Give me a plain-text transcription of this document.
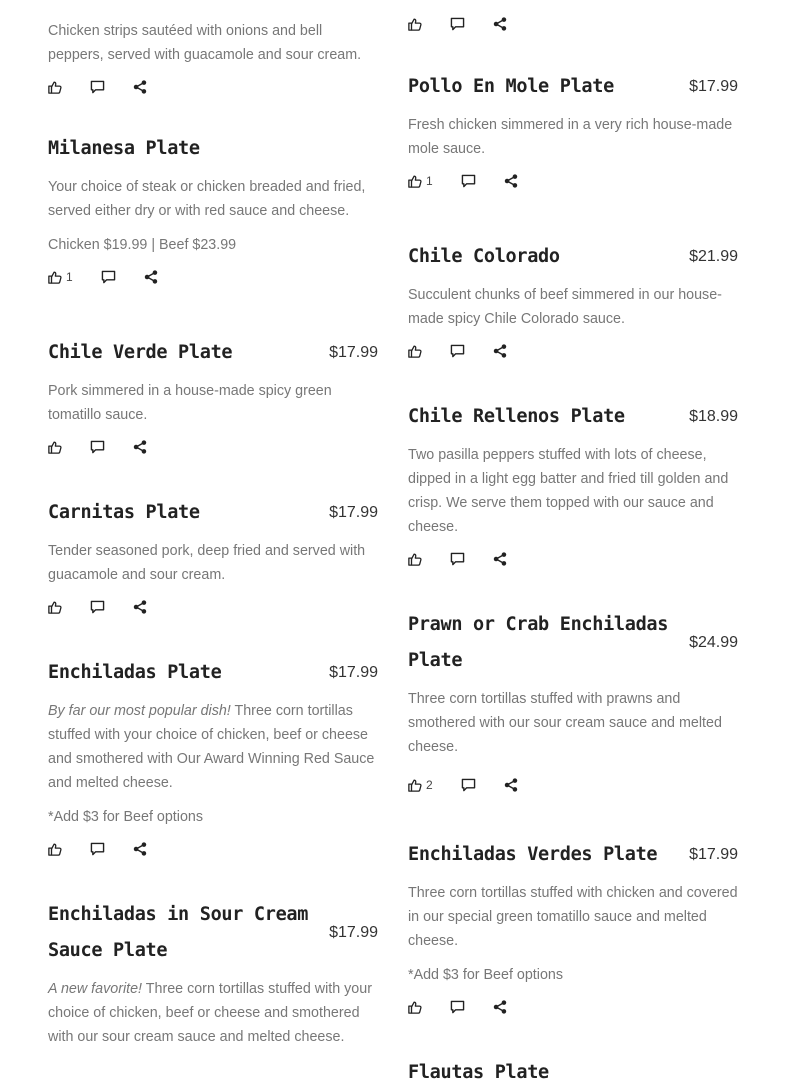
Chicken strips sautéed with onions and bell peppers, served with guacamole and sour cream.
Milanesa Plate
Your choice of steak or chicken breaded and fried, served either dry or with red sauce and cheese.
Chicken $19.99 | Beef $23.99
1
Chile Verde Plate	$17.99
Pork simmered in a house-made spicy green tomatillo sauce.
Carnitas Plate	$17.99
Tender seasoned pork, deep fried and served with guacamole and sour cream.
Enchiladas Plate	$17.99
By far our most popular dish! Three corn tortillas stuffed with your choice of chicken, beef or cheese and smothered with Our Award Winning Red Sauce and melted cheese.
*Add $3 for Beef options
Enchiladas in Sour Cream Sauce Plate
$17.99
A new favorite! Three corn tortillas stuffed with your choice of chicken, beef or cheese and smothered with our sour cream sauce and melted cheese.
Pollo En Mole Plate	$17.99
Fresh chicken simmered in a very rich house-made mole sauce.
1
Chile Colorado	$21.99
Succulent chunks of beef simmered in our house-made spicy Chile Colorado sauce.
Chile Rellenos Plate	$18.99
Two pasilla peppers stuffed with lots of cheese, dipped in a light egg batter and fried till golden and crisp. We serve them topped with our sauce and cheese.
Prawn or Crab Enchiladas Plate
$24.99
Three corn tortillas stuffed with prawns and smothered with our sour cream sauce and melted cheese.
2
Enchiladas Verdes Plate	$17.99
Three corn tortillas stuffed with chicken and covered in our special green tomatillo sauce and melted cheese.
*Add $3 for Beef options
Flautas Plate
